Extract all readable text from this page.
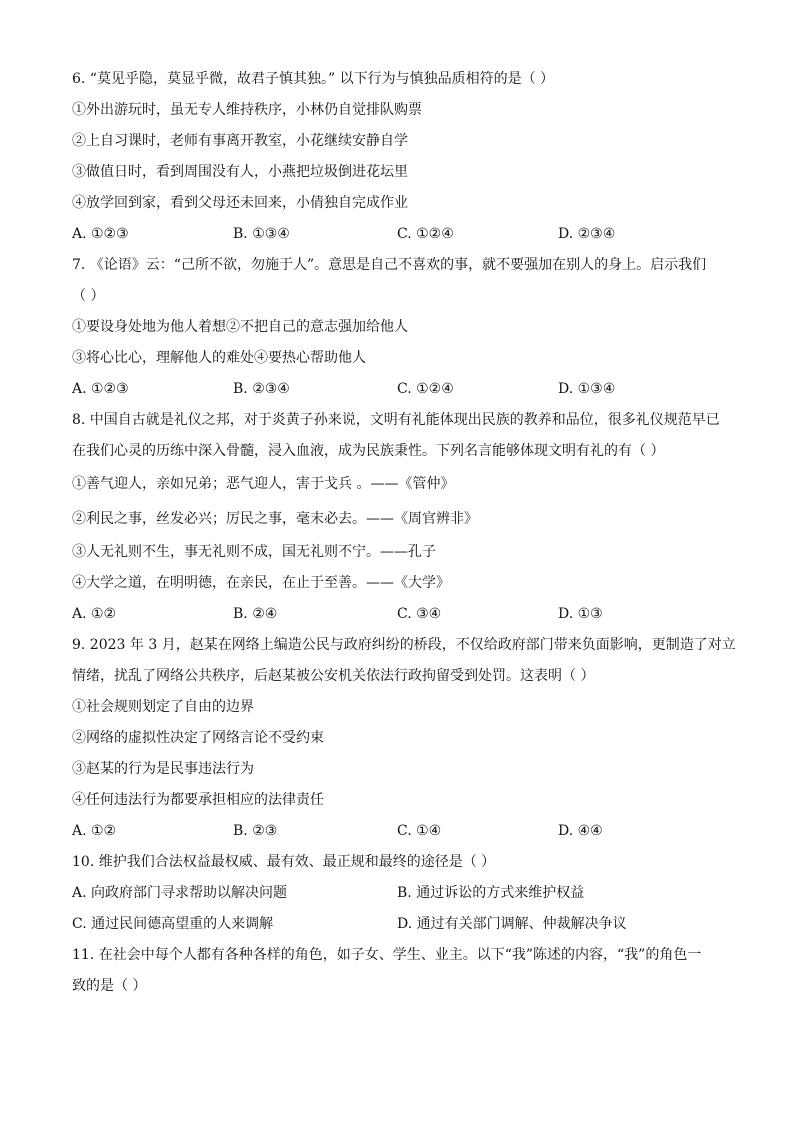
6. “莫见乎隐，莫显乎微，故君子慎其独。” 以下行为与慎独品质相符的是（ ）
①外出游玩时，虽无专人维持秩序，小林仍自觉排队购票
②上自习课时，老师有事离开教室，小花继续安静自学
③做值日时，看到周围没有人，小燕把垃圾倒进花坛里
④放学回到家，看到父母还未回来，小倩独自完成作业
A. ①②③	B. ①③④	C. ①②④	D. ②③④
7. 《论语》云：“己所不欲，勿施于人”。意思是自己不喜欢的事，就不要强加在别人的身上。启示我们
（ ）
①要设身处地为他人着想②不把自己的意志强加给他人
③将心比心，理解他人的难处④要热心帮助他人
A. ①②③	B. ②③④	C. ①②④	D. ①③④
8. 中国自古就是礼仪之邦，对于炎黄子孙来说，文明有礼能体现出民族的教养和品位，很多礼仪规范早已
在我们心灵的历练中深入骨髓，浸入血液，成为民族秉性。下列名言能够体现文明有礼的有（ ）
①善气迎人，亲如兄弟；恶气迎人，害于戈兵 。——《管仲》
②利民之事，丝发必兴；厉民之事，毫末必去。——《周官辨非》
③人无礼则不生，事无礼则不成，国无礼则不宁。——孔子
④大学之道，在明明德，在亲民，在止于至善。——《大学》
A. ①②	B. ②④	C. ③④	D. ①③
9. 2023 年 3 月，赵某在网络上编造公民与政府纠纷的桥段，不仅给政府部门带来负面影响，更制造了对立
情绪，扰乱了网络公共秩序，后赵某被公安机关依法行政拘留受到处罚。这表明（ ）
①社会规则划定了自由的边界
②网络的虚拟性决定了网络言论不受约束
③赵某的行为是民事违法行为
④任何违法行为都要承担相应的法律责任
A. ①②	B. ②③	C. ①④	D. ④④
10. 维护我们合法权益最权威、最有效、最正规和最终的途径是（ ）
A. 向政府部门寻求帮助以解决问题	B. 通过诉讼的方式来维护权益
C. 通过民间德高望重的人来调解	D. 通过有关部门调解、仲裁解决争议
11. 在社会中每个人都有各种各样的角色，如子女、学生、业主。以下“我”陈述的内容，“我”的角色一
致的是（ ）
